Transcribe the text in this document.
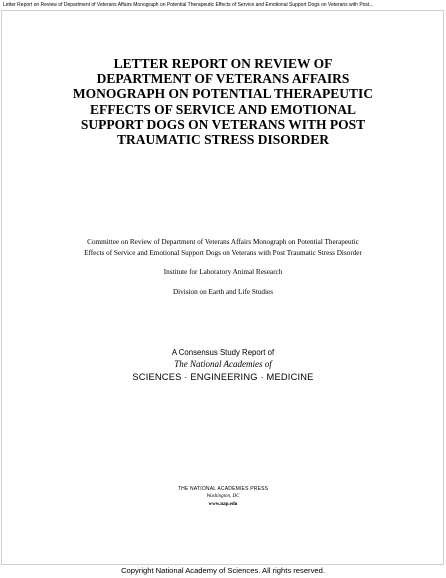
Letter Report on Review of Department of Veterans Affairs Monograph on Potential Therapeutic Effects of Service and Emotional Support Dogs on Veterans with Post...
LETTER REPORT ON REVIEW OF
DEPARTMENT OF VETERANS AFFAIRS
MONOGRAPH ON POTENTIAL THERAPEUTIC
EFFECTS OF SERVICE AND EMOTIONAL
SUPPORT DOGS ON VETERANS WITH POST
TRAUMATIC STRESS DISORDER
Committee on Review of Department of Veterans Affairs Monograph on Potential Therapeutic
Effects of Service and Emotional Support Dogs on Veterans with Post Traumatic Stress Disorder
Institute for Laboratory Animal Research
Division on Earth and Life Studies
A Consensus Study Report of
The National Academies of
SCIENCES · ENGINEERING · MEDICINE
THE NATIONAL ACADEMIES PRESS
Washington, DC
www.nap.edu
Copyright National Academy of Sciences. All rights reserved.
